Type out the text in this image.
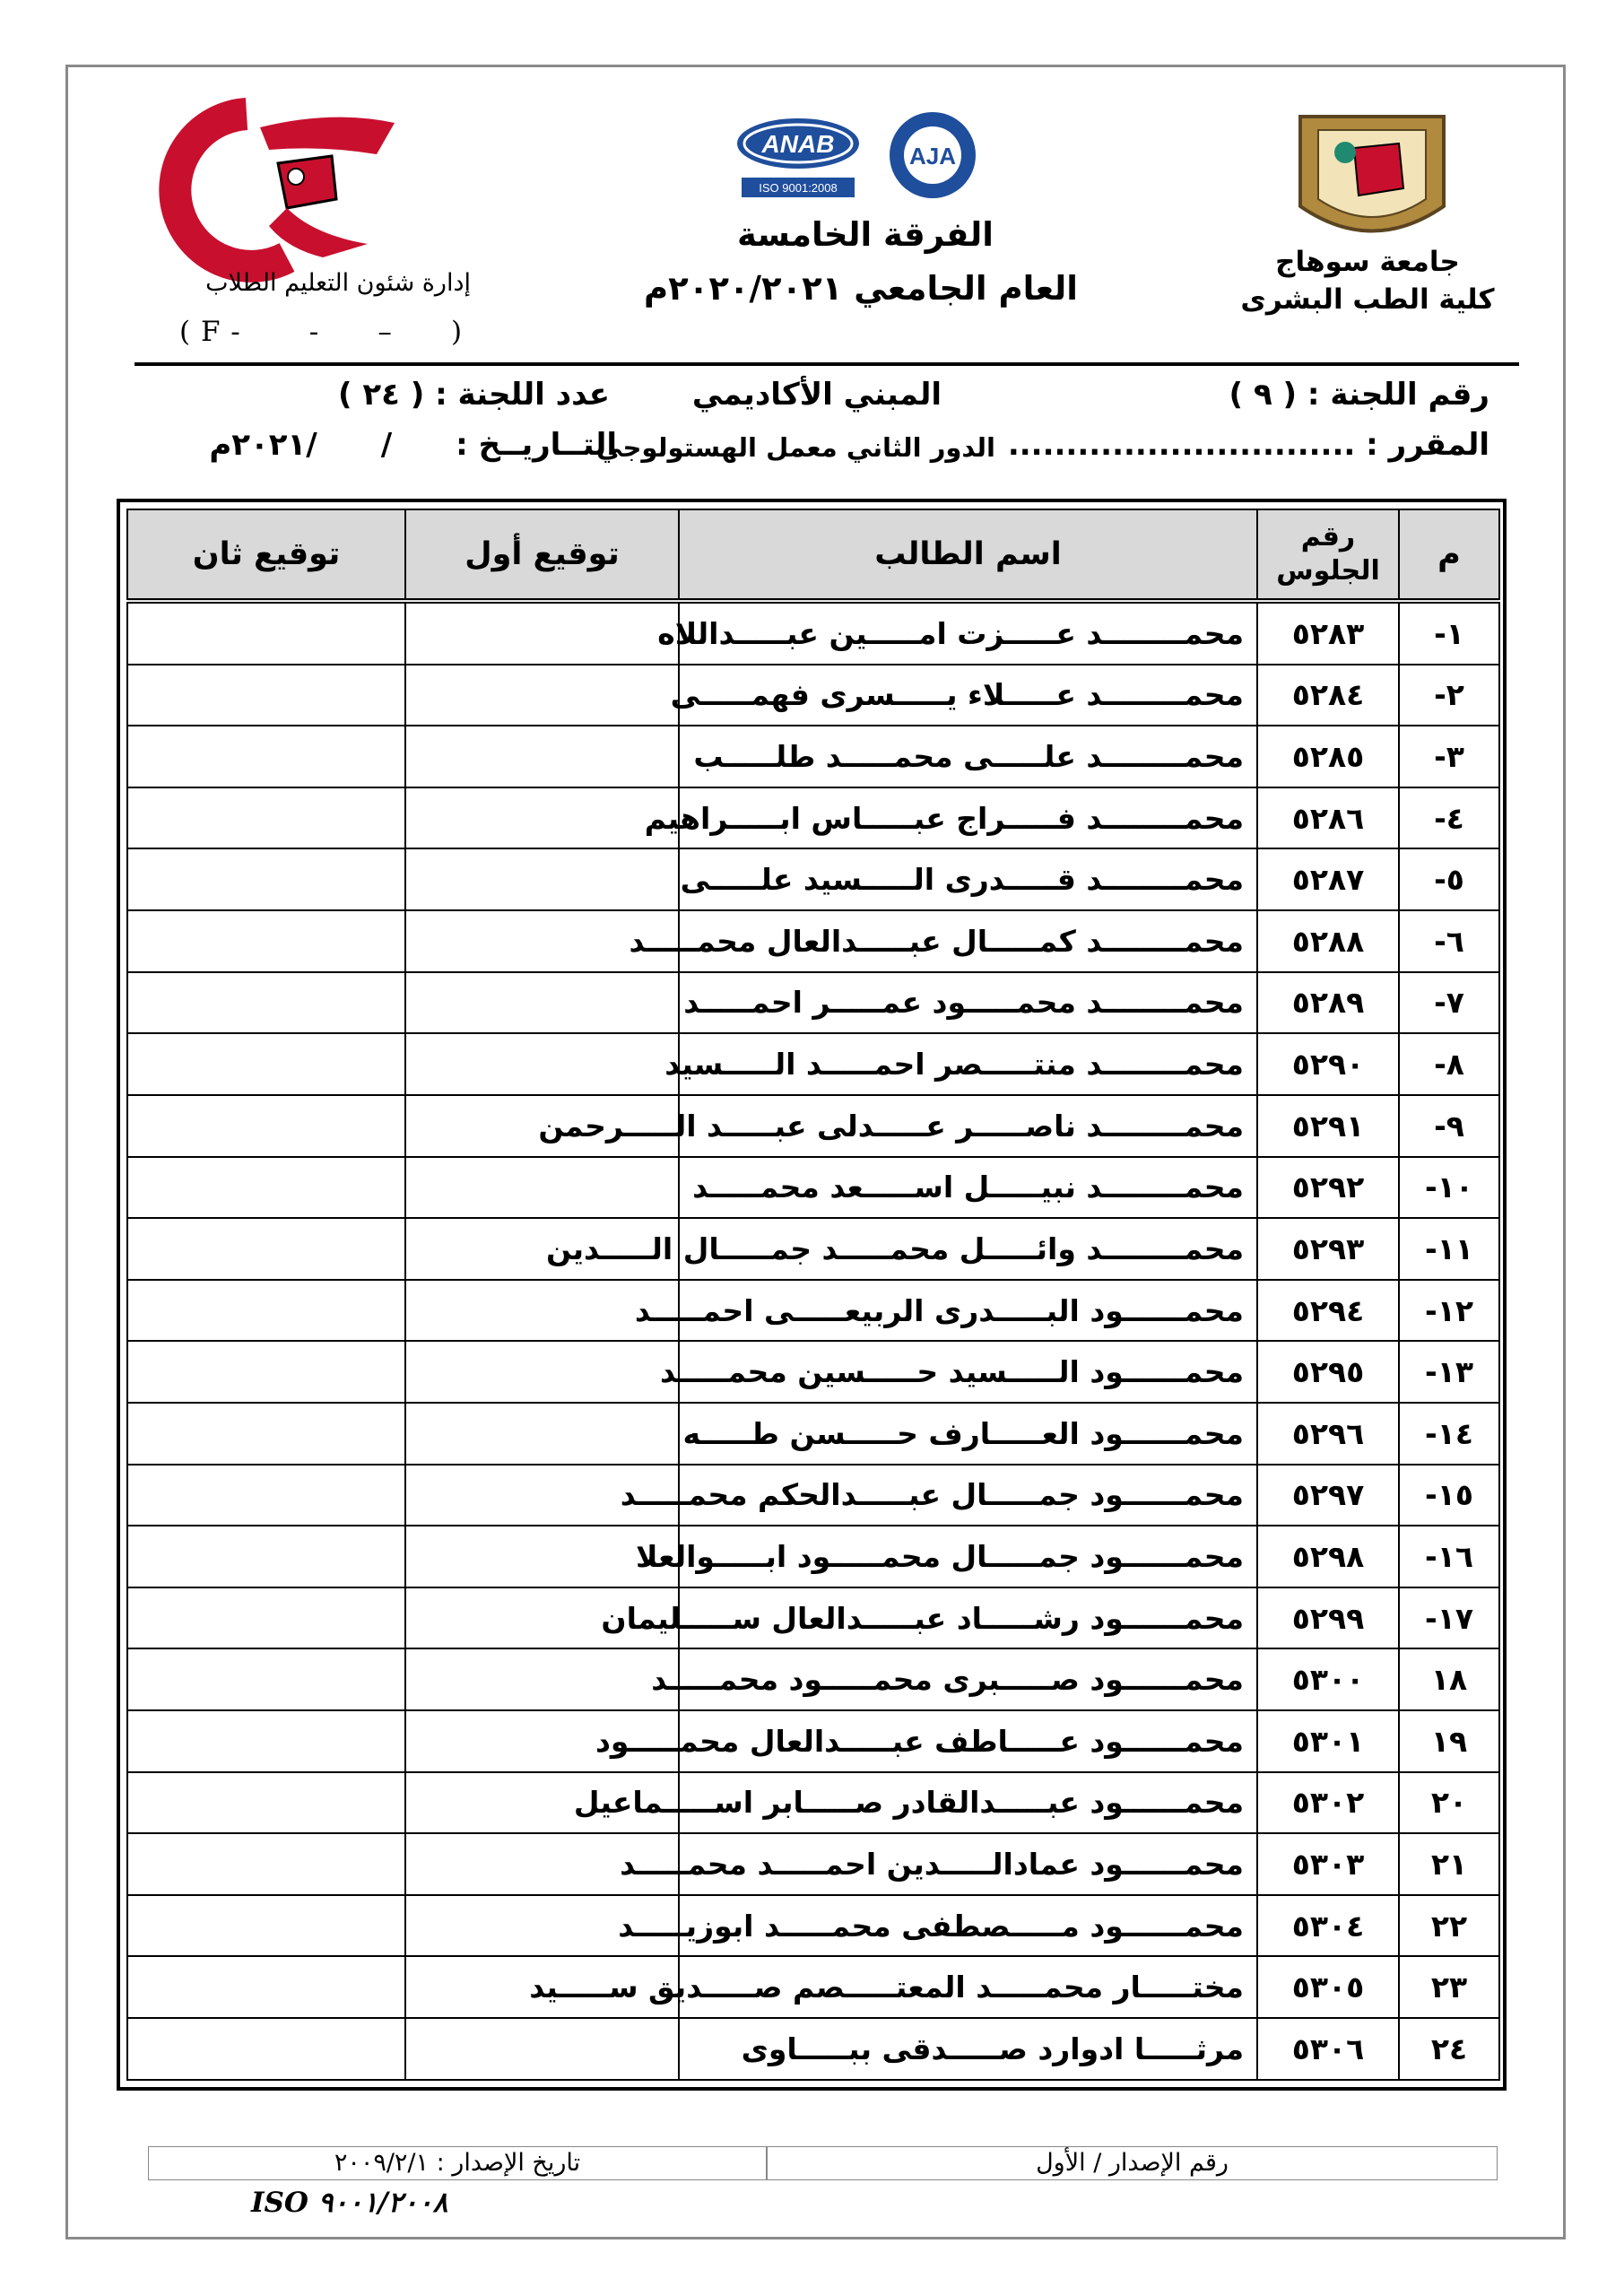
إدارة شئون التعليم الطلاب
( F -       -      –      )
ANAB
ISO 9001:2008
AJA
الفرقة الخامسة
العام الجامعي ٢٠٢٠/٢٠٢١م
جامعة سوهاج
كلية الطب البشرى
رقم اللجنة : ( ٩ )
المبني الأكاديمي
عدد اللجنة : ( ٢٤ )
المقرر : ..............................
الدور الثاني معمل الهستولوجي
التــاريــخ :      /      /٢٠٢١م
م	رقم الجلوس	اسم الطالب	توقيع أول	توقيع ثان
١-	٥٢٨٣	محمــــــــد عـــــزت امـــــين عبـــــداللاه		
٢-	٥٢٨٤	محمــــــــد عـــــلاء يـــــسرى فهمـــــى		
٣-	٥٢٨٥	محمــــــــد علـــــى محمـــــد طلـــــب		
٤-	٥٢٨٦	محمــــــــد فـــــراج عبـــــاس ابـــــراهيم		
٥-	٥٢٨٧	محمــــــــد قـــــدرى الـــــسيد علـــــى		
٦-	٥٢٨٨	محمــــــــد كمـــــال عبـــــدالعال محمـــــد		
٧-	٥٢٨٩	محمــــــــد محمـــــود عمـــــر احمـــــد		
٨-	٥٢٩٠	محمــــــــد منتـــــصر احمـــــد الـــــسيد		
٩-	٥٢٩١	محمــــــــد ناصـــــر عـــــدلى عبـــــد الـــــرحمن		
١٠-	٥٢٩٢	محمــــــــد نبيـــــل اســـــعد محمـــــد		
١١-	٥٢٩٣	محمــــــــد وائـــــل محمـــــد جمـــــال الـــــدين		
١٢-	٥٢٩٤	محمــــــود البـــــدرى الربيعـــــى احمـــــد		
١٣-	٥٢٩٥	محمــــــود الـــــسيد حـــــسين محمـــــد		
١٤-	٥٢٩٦	محمــــــود العـــــارف حـــــسن طـــــه		
١٥-	٥٢٩٧	محمــــــود جمـــــال عبـــــدالحكم محمـــــد		
١٦-	٥٢٩٨	محمــــــود جمـــــال محمـــــود ابـــــوالعلا		
١٧-	٥٢٩٩	محمــــــود رشـــــاد عبـــــدالعال ســـــليمان		
١٨	٥٣٠٠	محمــــــود صـــــبرى محمـــــود محمـــــد		
١٩	٥٣٠١	محمــــــود عـــــاطف عبـــــدالعال محمـــــود		
٢٠	٥٣٠٢	محمــــــود عبـــــدالقادر صـــــابر اســـــماعيل		
٢١	٥٣٠٣	محمــــــود عمادالـــــدين احمـــــد محمـــــد		
٢٢	٥٣٠٤	محمــــــود مـــــصطفى محمـــــد ابوزيـــــد		
٢٣	٥٣٠٥	مختـــــار محمـــــد المعتـــــصم صـــــديق ســـــيد		
٢٤	٥٣٠٦	مرثـــــا ادوارد صـــــدقى ببـــــاوى		
رقم الإصدار / الأول
تاريخ الإصدار : ٢٠٠٩/٢/١
ISO ٩٠٠١/٢٠٠٨
